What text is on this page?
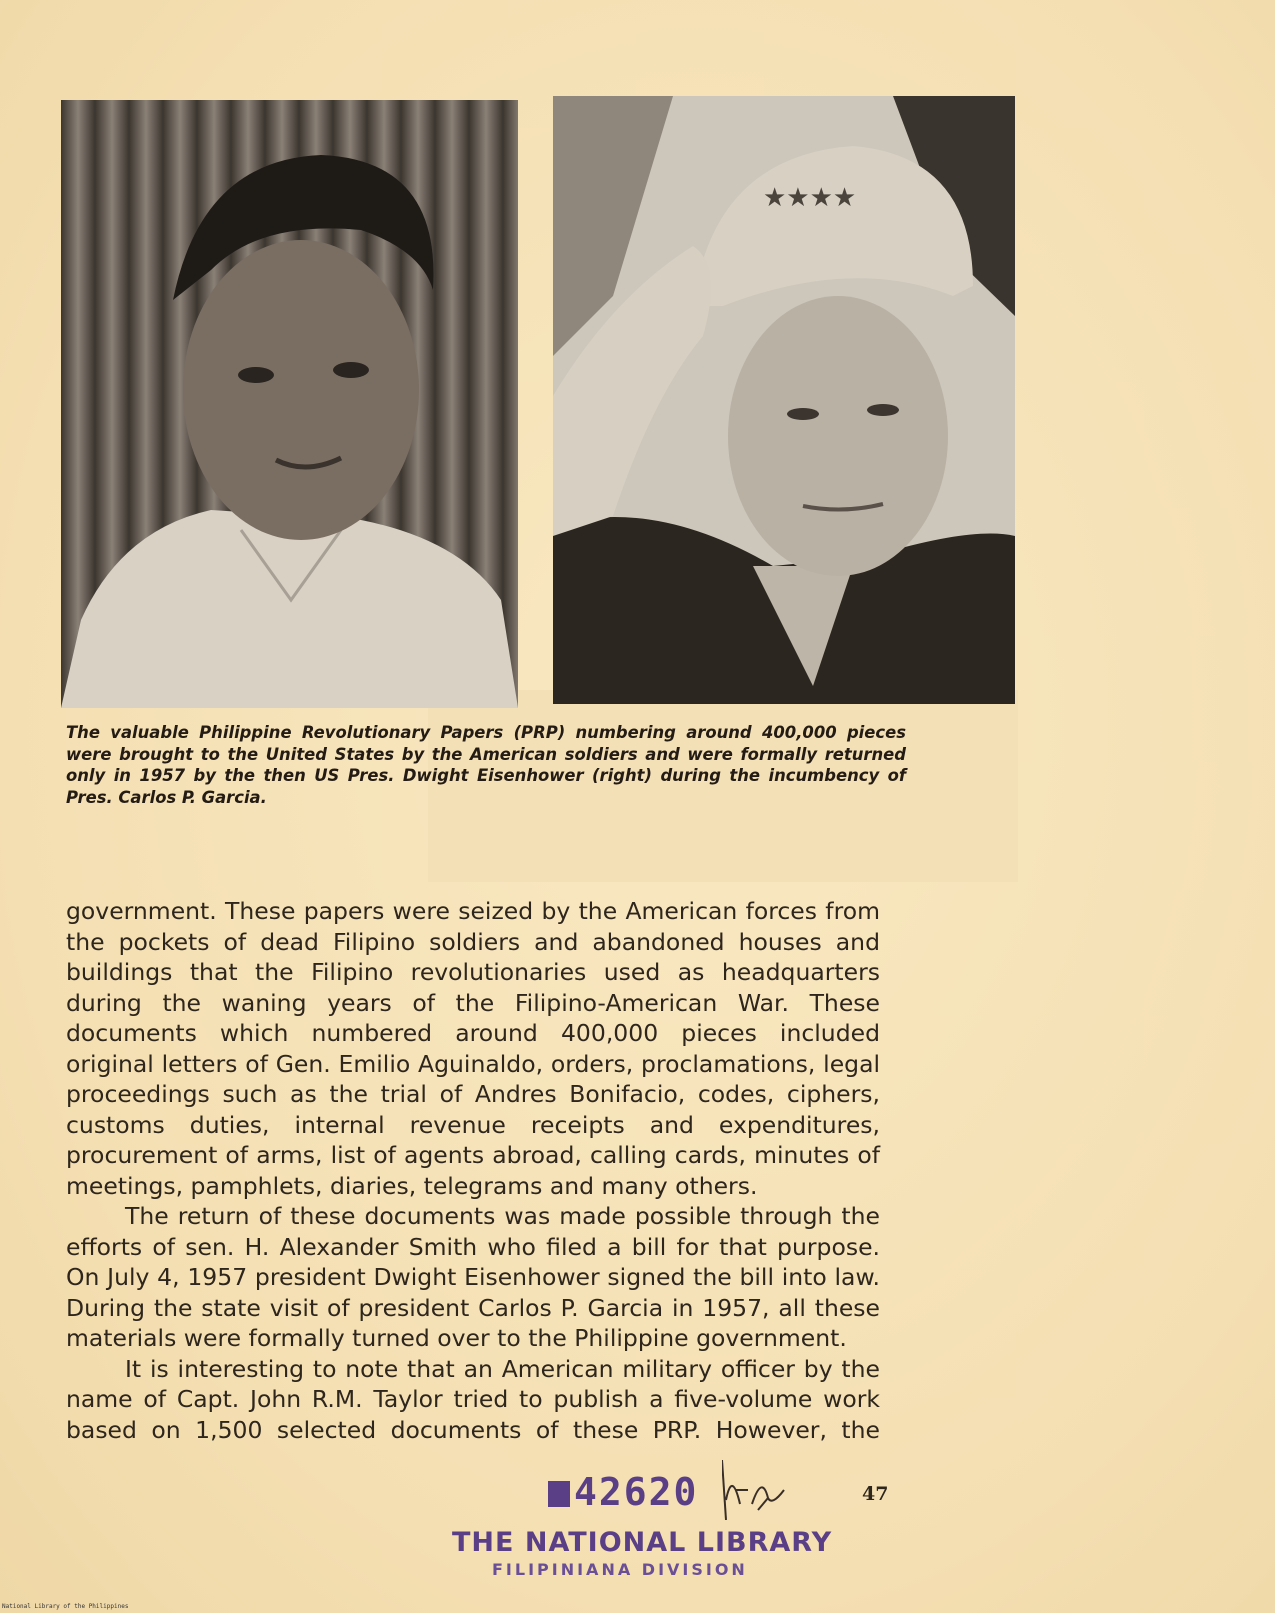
★★★★

The valuable Philippine Revolutionary Papers (PRP) numbering around 400,000 pieces were brought to the United States by the American soldiers and were formally returned only in 1957 by the then US Pres. Dwight Eisenhower (right) during the incumbency of Pres. Carlos P. Garcia.

government. These papers were seized by the American forces from the pockets of dead Filipino soldiers and abandoned houses and buildings that the Filipino revolutionaries used as headquarters during the waning years of the Filipino-American War. These documents which numbered around 400,000 pieces included original letters of Gen. Emilio Aguinaldo, orders, proclamations, legal proceedings such as the trial of Andres Bonifacio, codes, ciphers, customs duties, internal revenue receipts and expenditures, procurement of arms, list of agents abroad, calling cards, minutes of meetings, pamphlets, diaries, telegrams and many others.

The return of these documents was made possible through the efforts of sen. H. Alexander Smith who filed a bill for that purpose. On July 4, 1957 president Dwight Eisenhower signed the bill into law. During the state visit of president Carlos P. Garcia in 1957, all these materials were formally turned over to the Philippine government.

It is interesting to note that an American military officer by the name of Capt. John R.M. Taylor tried to publish a five-volume work based on 1,500 selected documents of these PRP. However, the

47
42620
THE NATIONAL LIBRARY
FILIPINIANA DIVISION
National Library of the Philippines
